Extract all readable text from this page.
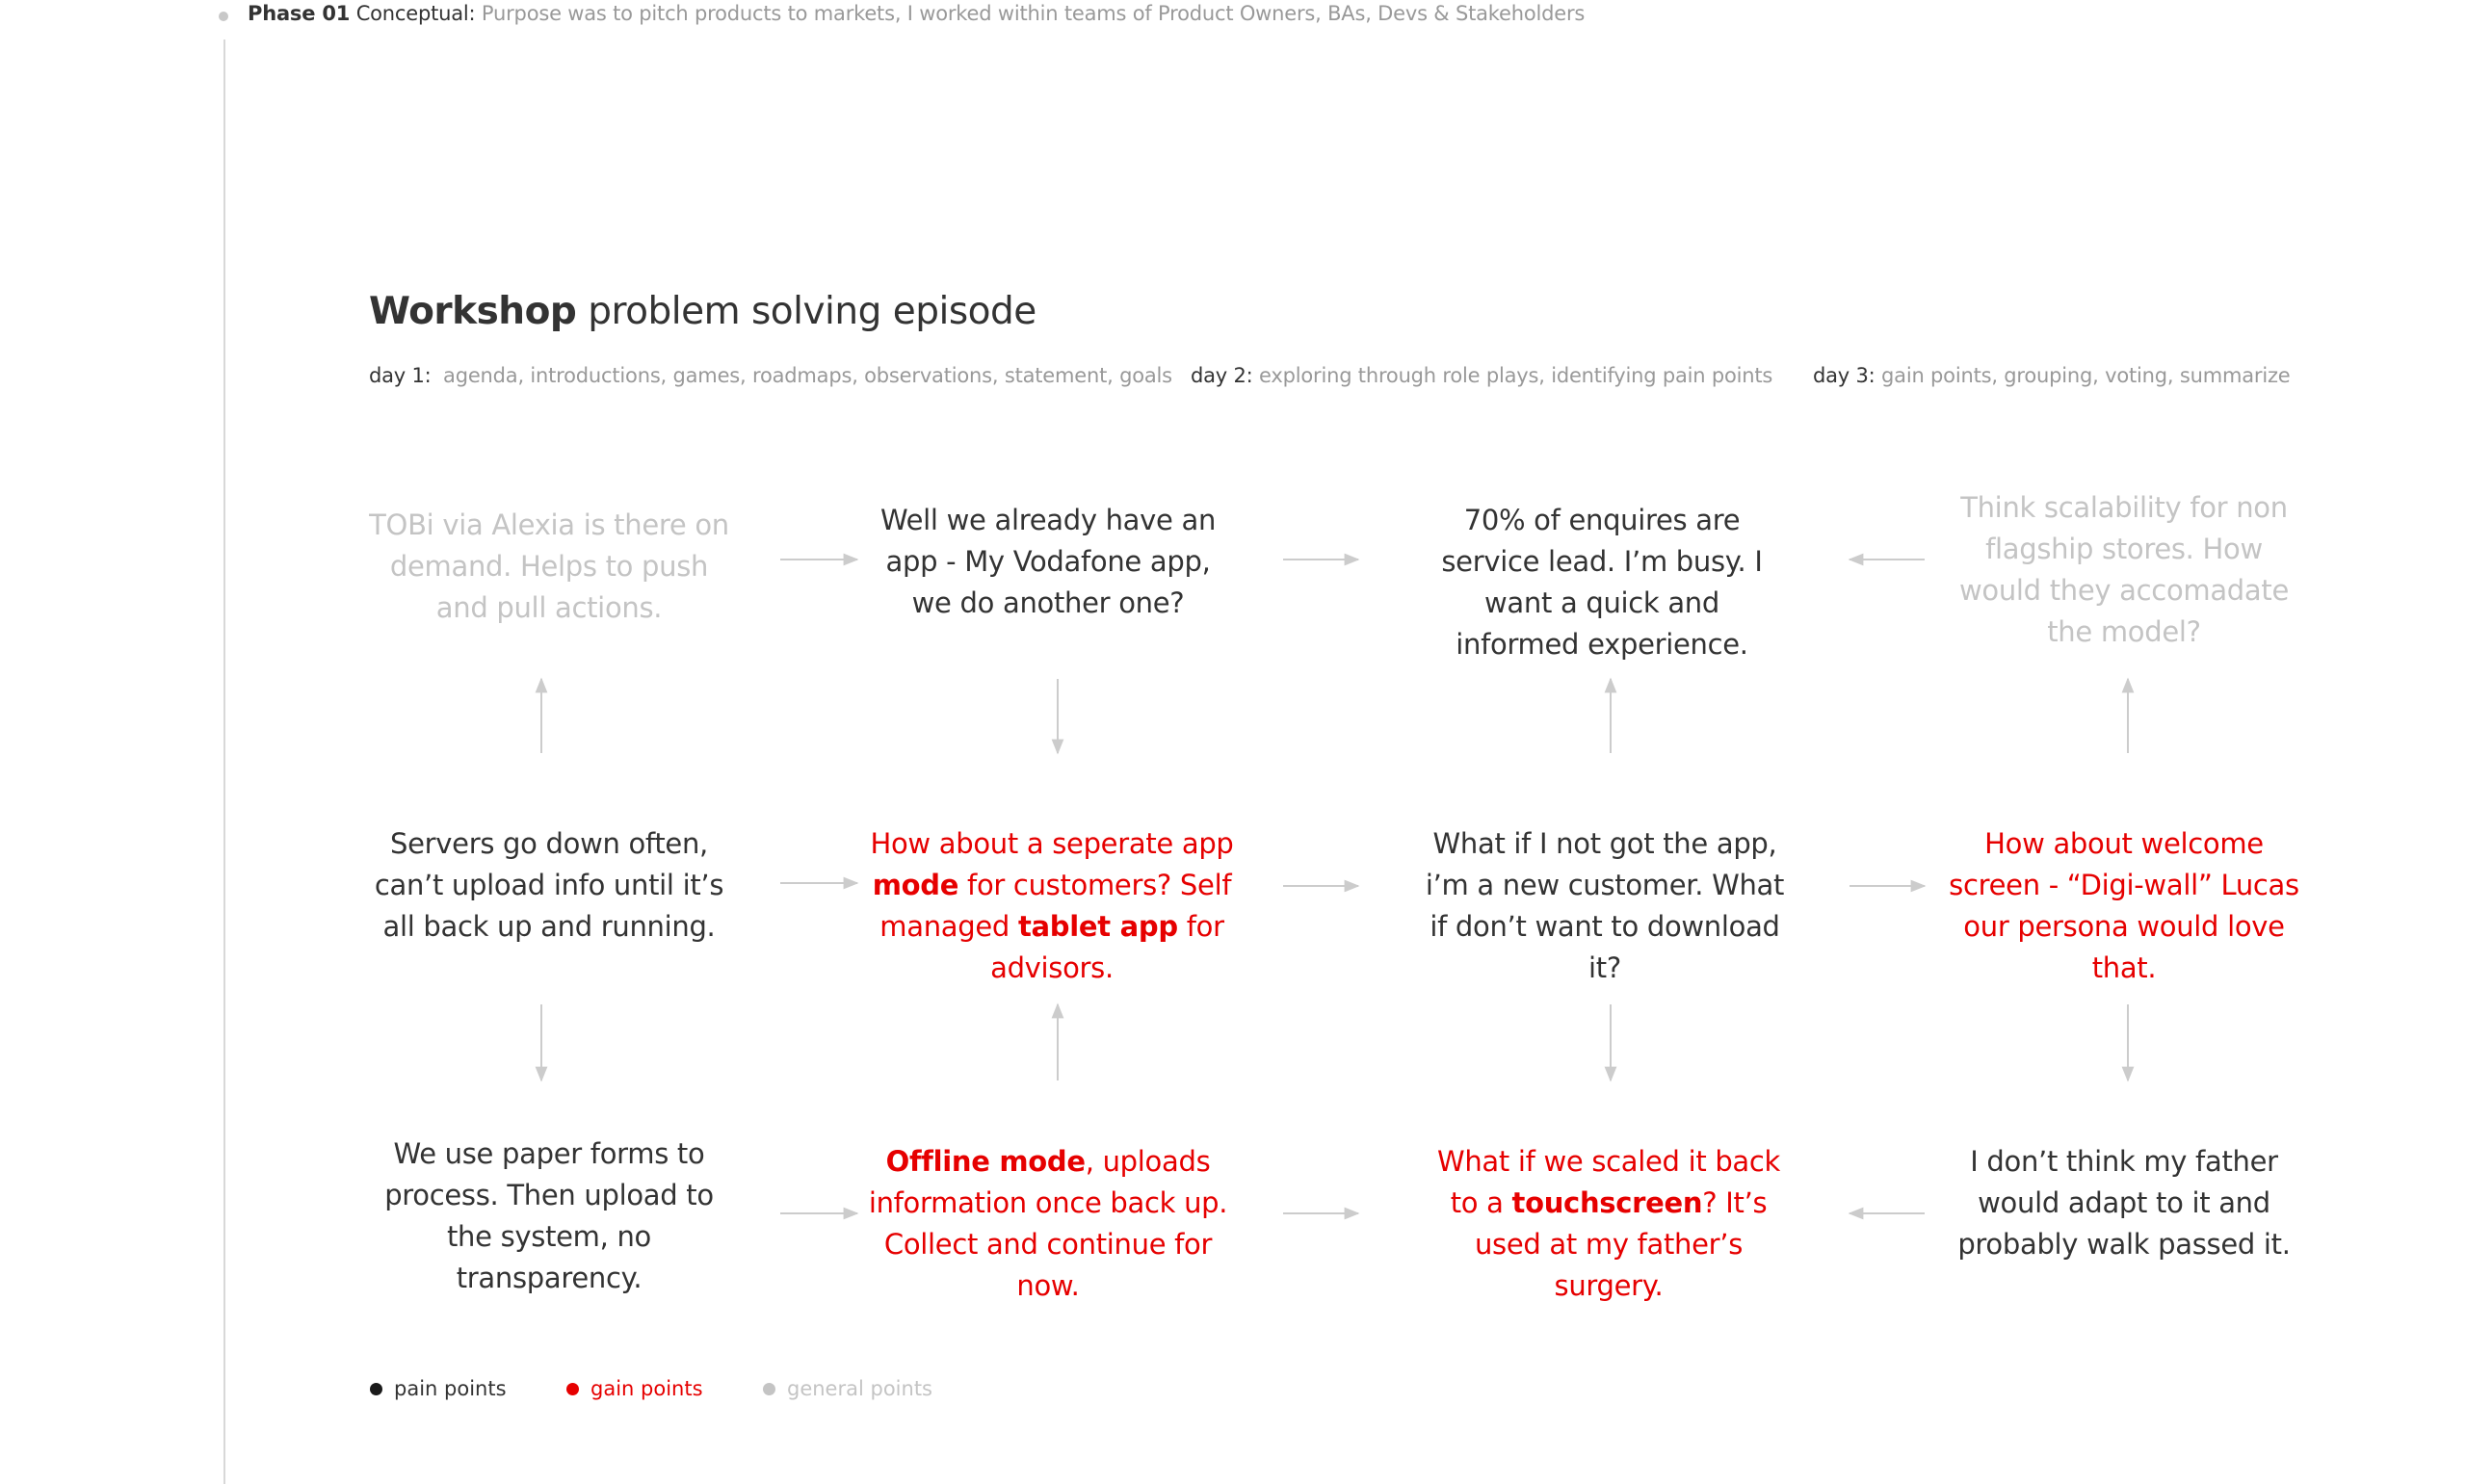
Phase 01 Conceptual: Purpose was to pitch products to markets, I worked within teams of Product Owners, BAs, Devs & Stakeholders
Workshop problem solving episode
day 1: agenda, introductions, games, roadmaps, observations, statement, goals day 2: exploring through role plays, identifying pain points day 3: gain points, grouping, voting, summarize
TOBi via Alexia is there on demand. Helps to push and pull actions.
Well we already have an app - My Vodafone app, we do another one?
70% of enquires are service lead. I’m busy. I want a quick and informed experience.
Think scalability for non flagship stores. How would they accomadate the model?
Servers go down often, can’t upload info until it’s all back up and running.
How about a seperate app mode for customers? Self managed tablet app for advisors.
What if I not got the app, i’m a new customer. What if don’t want to download it?
How about welcome screen - “Digi-wall” Lucas our persona would love that.
We use paper forms to process. Then upload to the system, no transparency.
Offline mode, uploads information once back up. Collect and continue for now.
What if we scaled it back to a touchscreen? It’s used at my father’s surgery.
I don’t think my father would adapt to it and probably walk passed it.
pain points	gain points	general points
